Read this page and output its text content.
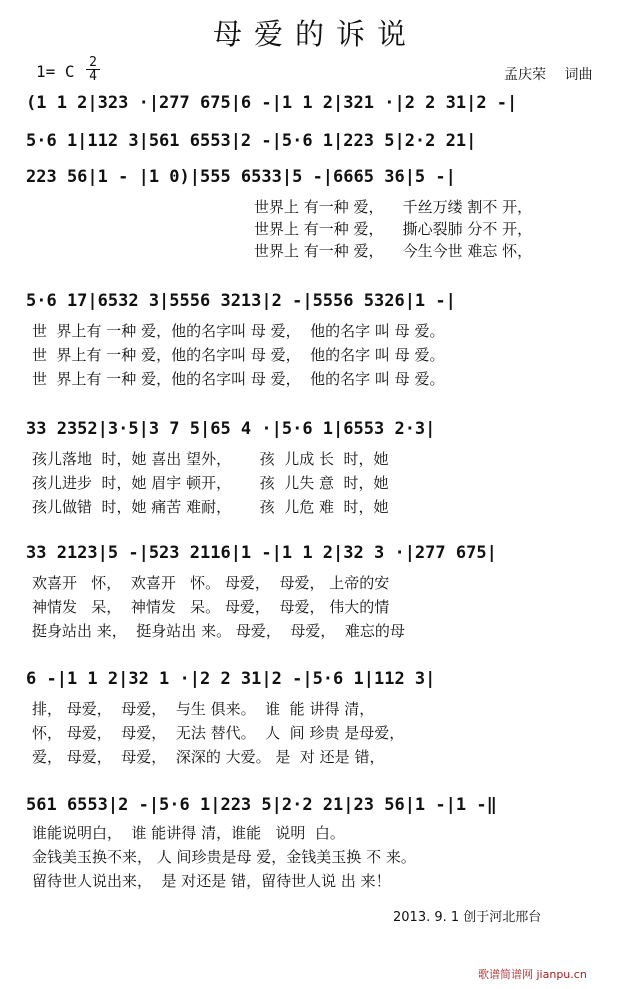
母爱的诉说
1= C 2
4	孟庆荣 词曲
(1 1 2|323 ·|277 675|6 -|1 1 2|321 ·|2 2 31|2 -|
5·6 1|112 3|561 6553|2 -|5·6 1|223 5|2·2 21|
223 56|1 - |1 0)|555 6533|5 -|6665 36|5 -|
世界上 有一种 爱，    千丝万缕 割不 开，
世界上 有一种 爱，    撕心裂肺 分不 开，
世界上 有一种 爱，    今生今世 难忘 怀，
5·6 17|6532 3|5556 3213|2 -|5556 5326|1 -|
世  界上有 一种 爱，他的名字叫 母 爱，  他的名字 叫 母 爱。
世  界上有 一种 爱，他的名字叫 母 爱，  他的名字 叫 母 爱。
世  界上有 一种 爱，他的名字叫 母 爱，  他的名字 叫 母 爱。
33 2352|3·5|3 7 5|65 4 ·|5·6 1|6553 2·3|
孩儿落地  时，她 喜出 望外，      孩  儿成 长  时，她
孩儿进步  时，她 眉宇 顿开，      孩  儿失 意  时，她
孩儿做错  时，她 痛苦 难耐，      孩  儿危 难  时，她
33 2123|5 -|523 2116|1 -|1 1 2|32 3 ·|277 675|
欢喜开   怀，  欢喜开   怀。 母爱，  母爱， 上帝的安
神情发   呆，  神情发   呆。 母爱，  母爱， 伟大的情
挺身站出 来，  挺身站出 来。 母爱，  母爱，  难忘的母
6 -|1 1 2|32 1 ·|2 2 31|2 -|5·6 1|112 3|
排， 母爱，  母爱，  与生 俱来。  谁  能 讲得 清，
怀， 母爱，  母爱，  无法 替代。  人  间 珍贵 是母爱，
爱， 母爱，  母爱，  深深的 大爱。 是  对 还是 错，
561 6553|2 -|5·6 1|223 5|2·2 21|23 56|1 -|1 -‖
谁能说明白，  谁 能讲得 清，谁能   说明  白。
金钱美玉换不来， 人 间珍贵是母 爱，金钱美玉换 不 来。
留待世人说出来，  是 对还是 错，留待世人说 出 来！
2013. 9. 1 创于河北邢台
歌谱简谱网 jianpu.cn
